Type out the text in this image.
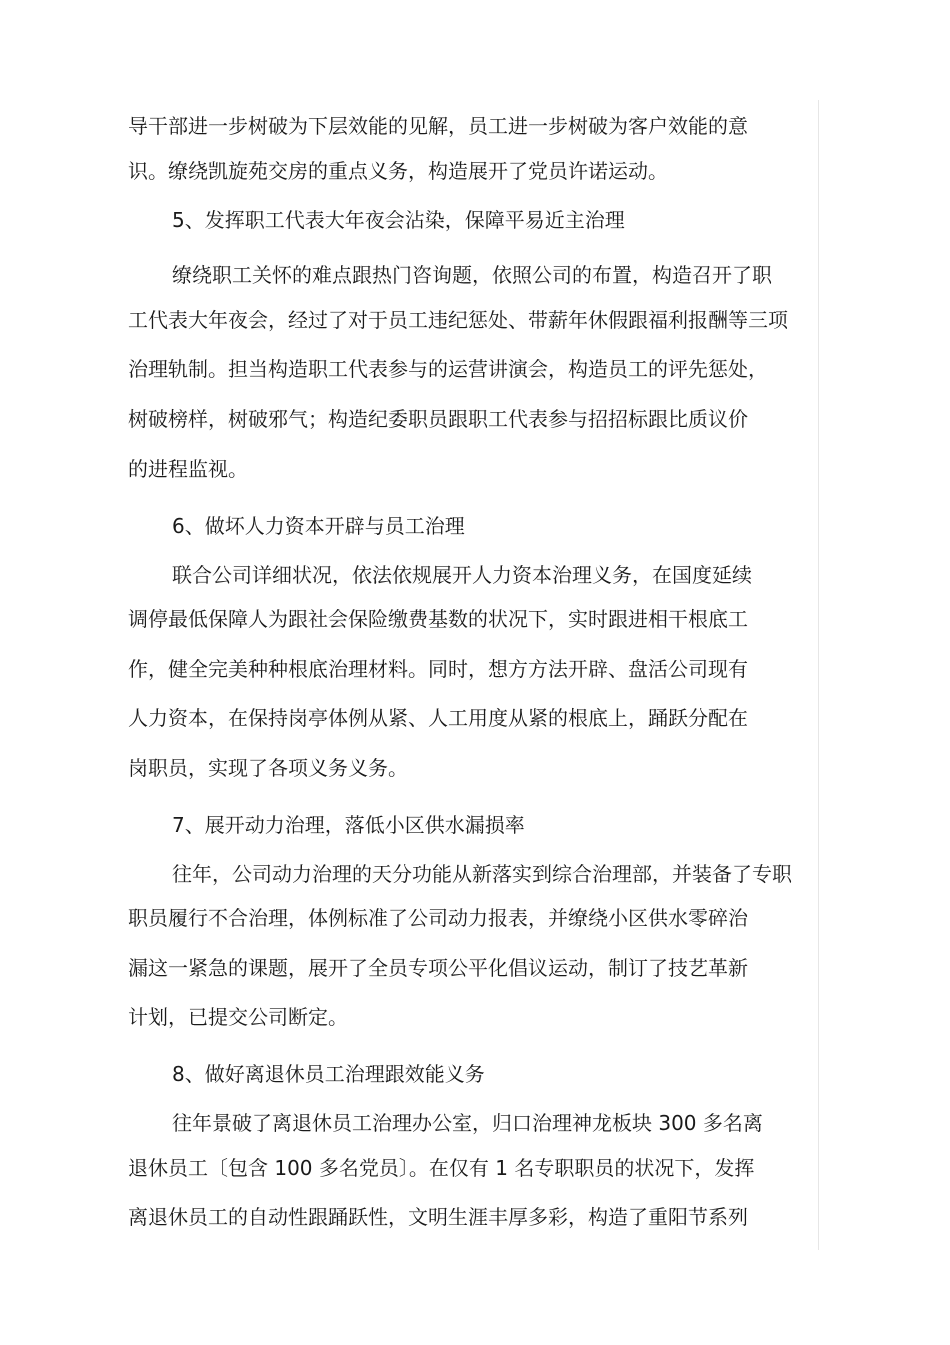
导干部进一步树破为下层效能的见解，员工进一步树破为客户效能的意
识。缭绕凯旋苑交房的重点义务，构造展开了党员许诺运动。
5、发挥职工代表大年夜会沾染，保障平易近主治理
缭绕职工关怀的难点跟热门咨询题，依照公司的布置，构造召开了职
工代表大年夜会，经过了对于员工违纪惩处、带薪年休假跟福利报酬等三项
治理轨制。担当构造职工代表参与的运营讲演会，构造员工的评先惩处，
树破榜样，树破邪气；构造纪委职员跟职工代表参与招招标跟比质议价
的进程监视。
6、做坏人力资本开辟与员工治理
联合公司详细状况，依法依规展开人力资本治理义务，在国度延续
调停最低保障人为跟社会保险缴费基数的状况下，实时跟进相干根底工
作，健全完美种种根底治理材料。同时，想方方法开辟、盘活公司现有
人力资本，在保持岗亭体例从紧、人工用度从紧的根底上，踊跃分配在
岗职员，实现了各项义务义务。
7、展开动力治理，落低小区供水漏损率
往年，公司动力治理的天分功能从新落实到综合治理部，并装备了专职
职员履行不合治理，体例标准了公司动力报表，并缭绕小区供水零碎治
漏这一紧急的课题，展开了全员专项公平化倡议运动，制订了技艺革新
计划，已提交公司断定。
8、做好离退休员工治理跟效能义务
往年景破了离退休员工治理办公室，归口治理神龙板块 300 多名离
退休员工〔包含 100 多名党员〕。在仅有 1 名专职职员的状况下，发挥
离退休员工的自动性跟踊跃性，文明生涯丰厚多彩，构造了重阳节系列
